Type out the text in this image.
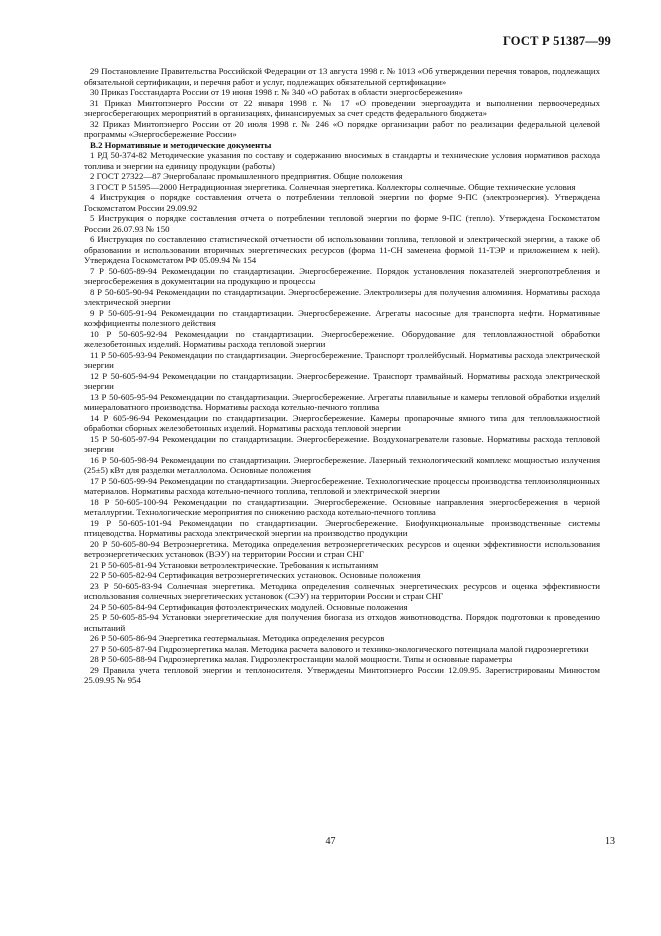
ГОСТ Р 51387—99

29 Постановление Правительства Российской Федерации от 13 августа 1998 г. № 1013 «Об утверждении перечня товаров, подлежащих обязательной сертификации, и перечня работ и услуг, подлежащих обязательной сертификации»

30 Приказ Госстандарта России от 19 июня 1998 г. № 340 «О работах в области энергосбережения»

31 Приказ Минтопэнерго России от 22 января 1998 г. № 17 «О проведении энергоаудита и выполнении первоочередных энергосберегающих мероприятий в организациях, финансируемых за счет средств федерального бюджета»

32 Приказ Минтопэнерго России от 20 июля 1998 г. № 246 «О порядке организации работ по реализации федеральной целевой программы «Энергосбережение России»

В.2 Нормативные и методические документы

1 РД 50-374-82 Методические указания по составу и содержанию вносимых в стандарты и технические условия нормативов расхода топлива и энергии на единицу продукции (работы)

2 ГОСТ 27322—87 Энергобаланс промышленного предприятия. Общие положения

3 ГОСТ Р 51595—2000 Нетрадиционная энергетика. Солнечная энергетика. Коллекторы солнечные. Общие технические условия

4 Инструкция о порядке составления отчета о потреблении тепловой энергии по форме 9-ПС (электроэнергия). Утверждена Госкомстатом России 29.09.92

5 Инструкция о порядке составления отчета о потреблении тепловой энергии по форме 9-ПС (тепло). Утверждена Госкомстатом России 26.07.93 № 150

6 Инструкция по составлению статистической отчетности об использовании топлива, тепловой и электрической энергии, а также об образовании и использовании вторичных энергетических ресурсов (форма 11-СН заменена формой 11-ТЭР и приложением к ней). Утверждена Госкомстатом РФ 05.09.94 № 154

7 Р 50-605-89-94 Рекомендации по стандартизации. Энергосбережение. Порядок установления показателей энергопотребления и энергосбережения в документации на продукцию и процессы

8 Р 50-605-90-94 Рекомендации по стандартизации. Энергосбережение. Электролизеры для получения алюминия. Нормативы расхода электрической энергии

9 Р 50-605-91-94 Рекомендации по стандартизации. Энергосбережение. Агрегаты насосные для транспорта нефти. Нормативные коэффициенты полезного действия

10 Р 50-605-92-94 Рекомендации по стандартизации. Энергосбережение. Оборудование для тепловлажностной обработки железобетонных изделий. Нормативы расхода тепловой энергии

11 Р 50-605-93-94 Рекомендации по стандартизации. Энергосбережение. Транспорт троллейбусный. Нормативы расхода электрической энергии

12 Р 50-605-94-94 Рекомендации по стандартизации. Энергосбережение. Транспорт трамвайный. Нормативы расхода электрической энергии

13 Р 50-605-95-94 Рекомендации по стандартизации. Энергосбережение. Агрегаты плавильные и камеры тепловой обработки изделий минераловатного производства. Нормативы расхода котельно-печного топлива

14 Р 605-96-94 Рекомендации по стандартизации. Энергосбережение. Камеры пропарочные ямного типа для тепловлажностной обработки сборных железобетонных изделий. Нормативы расхода тепловой энергии

15 Р 50-605-97-94 Рекомендации по стандартизации. Энергосбережение. Воздухонагреватели газовые. Нормативы расхода тепловой энергии

16 Р 50-605-98-94 Рекомендации по стандартизации. Энергосбережение. Лазерный технологический комплекс мощностью излучения (25±5) кВт для разделки металлолома. Основные положения

17 Р 50-605-99-94 Рекомендации по стандартизации. Энергосбережение. Технологические процессы производства теплоизоляционных материалов. Нормативы расхода котельно-печного топлива, тепловой и электрической энергии

18 Р 50-605-100-94 Рекомендации по стандартизации. Энергосбережение. Основные направления энергосбережения в черной металлургии. Технологические мероприятия по снижению расхода котельно-печного топлива

19 Р 50-605-101-94 Рекомендации по стандартизации. Энергосбережение. Биофункциональные производственные системы птицеводства. Нормативы расхода электрической энергии на производство продукции

20 Р 50-605-80-94 Ветроэнергетика. Методика определения ветроэнергетических ресурсов и оценки эффективности использования ветроэнергетических установок (ВЭУ) на территории России и стран СНГ

21 Р 50-605-81-94 Установки ветроэлектрические. Требования к испытаниям

22 Р 50-605-82-94 Сертификация ветроэнергетических установок. Основные положения

23 Р 50-605-83-94 Солнечная энергетика. Методика определения солнечных энергетических ресурсов и оценка эффективности использования солнечных энергетических установок (СЭУ) на территории России и стран СНГ

24 Р 50-605-84-94 Сертификация фотоэлектрических модулей. Основные положения

25 Р 50-605-85-94 Установки энергетические для получения биогаза из отходов животноводства. Порядок подготовки к проведению испытаний

26 Р 50-605-86-94 Энергетика геотермальная. Методика определения ресурсов

27 Р 50-605-87-94 Гидроэнергетика малая. Методика расчета валового и технико-экологического потенциала малой гидроэнергетики

28 Р 50-605-88-94 Гидроэнергетика малая. Гидроэлектростанции малой мощности. Типы и основные параметры

29 Правила учета тепловой энергии и теплоносителя. Утверждены Минтопэнерго России 12.09.95. Зарегистрированы Минюстом 25.09.95 № 954

47	13
